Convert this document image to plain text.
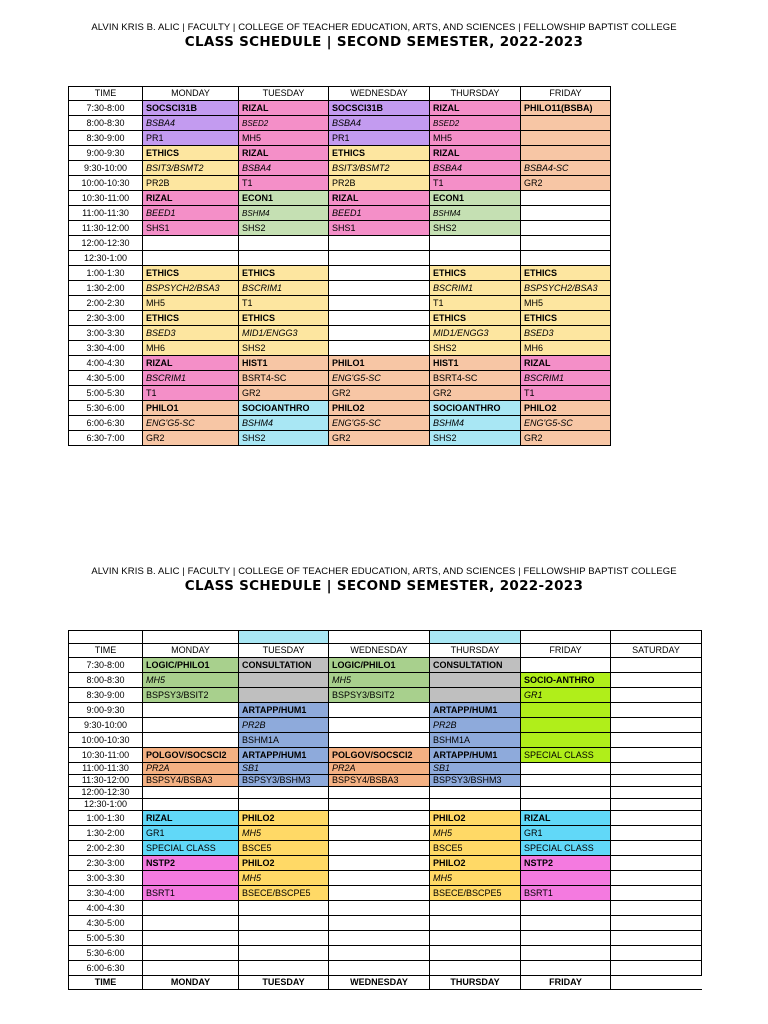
ALVIN KRIS B. ALIC | FACULTY | COLLEGE OF TEACHER EDUCATION, ARTS, AND SCIENCES | FELLOWSHIP BAPTIST COLLEGE
CLASS SCHEDULE | SECOND SEMESTER, 2022-2023
TIME	MONDAY	TUESDAY	WEDNESDAY	THURSDAY	FRIDAY
7:30-8:00	SOCSCI31B	RIZAL	SOCSCI31B	RIZAL	PHILO11(BSBA)
8:00-8:30	BSBA4	BSED2	BSBA4	BSED2	
8:30-9:00	PR1	MH5	PR1	MH5	
9:00-9:30	ETHICS	RIZAL	ETHICS	RIZAL	
9:30-10:00	BSIT3/BSMT2	BSBA4	BSIT3/BSMT2	BSBA4	BSBA4-SC
10:00-10:30	PR2B	T1	PR2B	T1	GR2
10:30-11:00	RIZAL	ECON1	RIZAL	ECON1	
11:00-11:30	BEED1	BSHM4	BEED1	BSHM4	
11:30-12:00	SHS1	SHS2	SHS1	SHS2	
12:00-12:30					
12:30-1:00					
1:00-1:30	ETHICS	ETHICS		ETHICS	ETHICS
1:30-2:00	BSPSYCH2/BSA3	BSCRIM1		BSCRIM1	BSPSYCH2/BSA3
2:00-2:30	MH5	T1		T1	MH5
2:30-3:00	ETHICS	ETHICS		ETHICS	ETHICS
3:00-3:30	BSED3	MID1/ENGG3		MID1/ENGG3	BSED3
3:30-4:00	MH6	SHS2		SHS2	MH6
4:00-4:30	RIZAL	HIST1	PHILO1	HIST1	RIZAL
4:30-5:00	BSCRIM1	BSRT4-SC	ENG'G5-SC	BSRT4-SC	BSCRIM1
5:00-5:30	T1	GR2	GR2	GR2	T1
5:30-6:00	PHILO1	SOCIOANTHRO	PHILO2	SOCIOANTHRO	PHILO2
6:00-6:30	ENG'G5-SC	BSHM4	ENG'G5-SC	BSHM4	ENG'G5-SC
6:30-7:00	GR2	SHS2	GR2	SHS2	GR2
ALVIN KRIS B. ALIC | FACULTY | COLLEGE OF TEACHER EDUCATION, ARTS, AND SCIENCES | FELLOWSHIP BAPTIST COLLEGE
CLASS SCHEDULE | SECOND SEMESTER, 2022-2023

TIME	MONDAY	TUESDAY	WEDNESDAY	THURSDAY	FRIDAY	SATURDAY
7:30-8:00	LOGIC/PHILO1	CONSULTATION	LOGIC/PHILO1	CONSULTATION		
8:00-8:30	MH5		MH5		SOCIO-ANTHRO	
8:30-9:00	BSPSY3/BSIT2		BSPSY3/BSIT2		GR1	
9:00-9:30		ARTAPP/HUM1		ARTAPP/HUM1		
9:30-10:00		PR2B		PR2B		
10:00-10:30		BSHM1A		BSHM1A		
10:30-11:00	POLGOV/SOCSCI2	ARTAPP/HUM1	POLGOV/SOCSCI2	ARTAPP/HUM1	SPECIAL CLASS	
11:00-11:30	PR2A	SB1	PR2A	SB1		
11:30-12:00	BSPSY4/BSBA3	BSPSY3/BSHM3	BSPSY4/BSBA3	BSPSY3/BSHM3		
12:00-12:30						
12:30-1:00						
1:00-1:30	RIZAL	PHILO2		PHILO2	RIZAL	
1:30-2:00	GR1	MH5		MH5	GR1	
2:00-2:30	SPECIAL CLASS	BSCE5		BSCE5	SPECIAL CLASS	
2:30-3:00	NSTP2	PHILO2		PHILO2	NSTP2	
3:00-3:30		MH5		MH5		
3:30-4:00	BSRT1	BSECE/BSCPE5		BSECE/BSCPE5	BSRT1	
4:00-4:30						
4:30-5:00						
5:00-5:30						
5:30-6:00						
6:00-6:30						
TIME	MONDAY	TUESDAY	WEDNESDAY	THURSDAY	FRIDAY	
